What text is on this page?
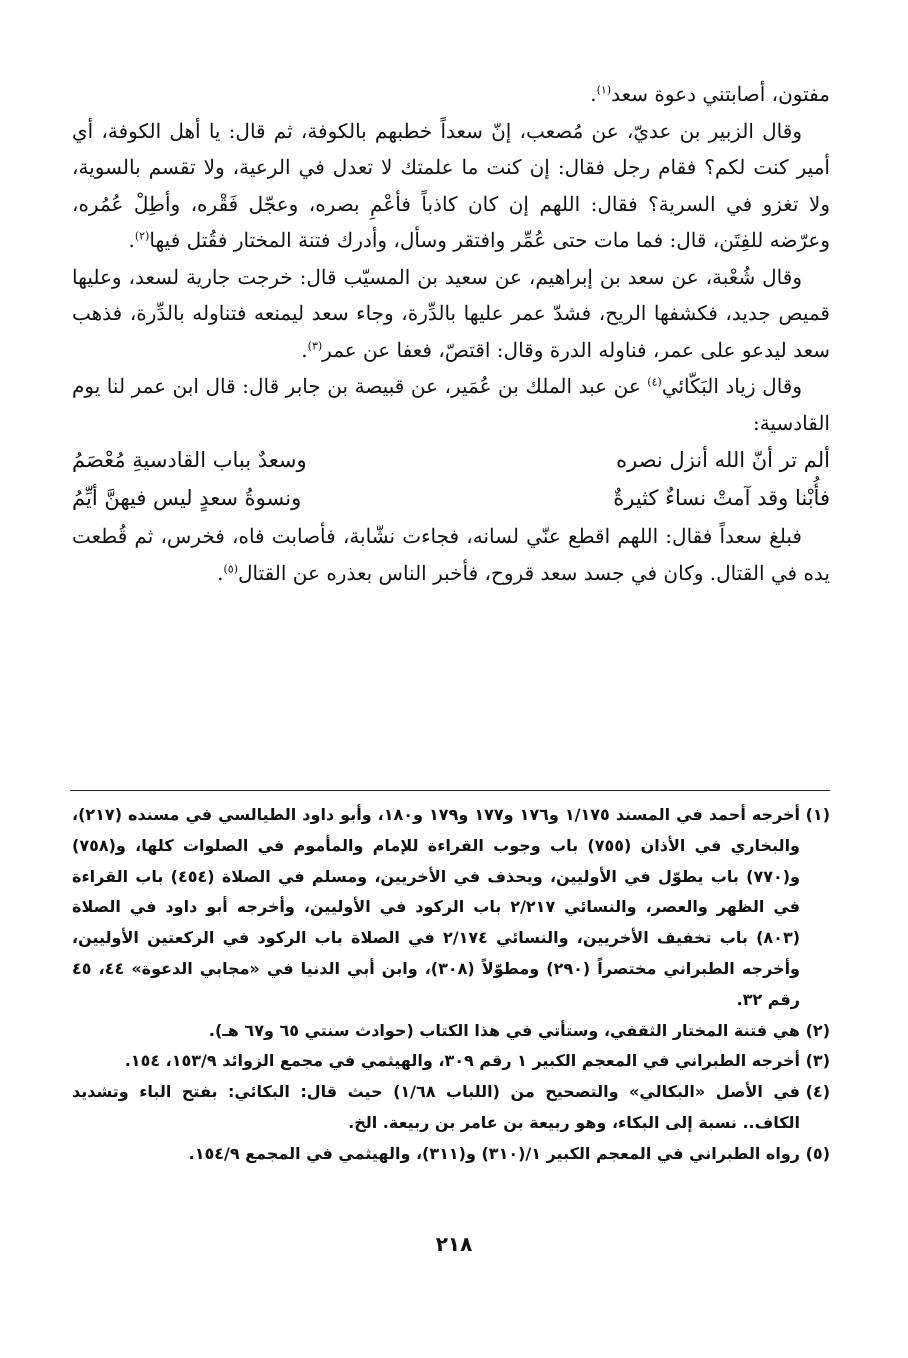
مفتون، أصابتني دعوة سعد$^{(١)}$.

وقال الزبير بن عديّ، عن مُصعب، إنّ سعداً خطبهم بالكوفة، ثم قال: يا أهل الكوفة، أي أمير كنت لكم؟ فقام رجل فقال: إن كنت ما علمتك لا تعدل في الرعية، ولا تقسم بالسوية، ولا تغزو في السرية؟ فقال: اللهم إن كان كاذباً فأعْمِ بصره، وعجّل فَقْره، وأطِلْ عُمُره، وعرّضه للفِتَن، قال: فما مات حتى عُمِّر وافتقر وسأل، وأدرك فتنة المختار فقُتل فيها$^{(٢)}$.

وقال شُعْبة، عن سعد بن إبراهيم، عن سعيد بن المسيّب قال: خرجت جارية لسعد، وعليها قميص جديد، فكشفها الريح، فشدّ عمر عليها بالدِّرة، وجاء سعد ليمنعه فتناوله بالدِّرة، فذهب سعد ليدعو على عمر، فناوله الدرة وقال: اقتصّ، فعفا عن عمر$^{(٣)}$.

وقال زياد البَكّائي$^{(٤)}$ عن عبد الملك بن عُمَير، عن قبيصة بن جابر قال: قال ابن عمر لنا يوم القادسية:

ألم تر أنّ الله أنزل نصره
وسعدٌ بباب القادسيةِ مُعْصَمُ
فأُبْنا وقد آمتْ نساءٌ كثيرةٌ
ونسوةُ سعدٍ ليس فيهنَّ أيِّمُ

فبلغ سعداً فقال: اللهم اقطع عنّي لسانه، فجاءت نشّابة، فأصابت فاه، فخرس، ثم قُطعت يده في القتال. وكان في جسد سعد قروح، فأخبر الناس بعذره عن القتال$^{(٥)}$.

(١)
أخرجه أحمد في المسند ١/١٧٥ و١٧٦ و١٧٧ و١٧٩ و١٨٠، وأبو داود الطيالسي في مسنده (٢١٧)، والبخاري في الأذان (٧٥٥) باب وجوب القراءة للإمام والمأموم في الصلوات كلها، و(٧٥٨) و(٧٧٠) باب يطوّل في الأوليين، ويحذف في الأخريين، ومسلم في الصلاة (٤٥٤) باب القراءة في الظهر والعصر، والنسائي ٢/٢١٧ باب الركود في الأوليين، وأخرجه أبو داود في الصلاة (٨٠٣) باب تخفيف الأخريين، والنسائي ٢/١٧٤ في الصلاة باب الركود في الركعتين الأوليين، وأخرجه الطبراني مختصراً (٢٩٠) ومطوّلاً (٣٠٨)، وابن أبي الدنيا في «مجابي الدعوة» ٤٤، ٤٥ رقم ٣٢.
(٢)
هي فتنة المختار الثقفي، وستأتي في هذا الكتاب (حوادث سنتي ٦٥ و٦٧ هـ).
(٣)
أخرجه الطبراني في المعجم الكبير ١ رقم ٣٠٩، والهيثمي في مجمع الزوائد ١٥٣/٩، ١٥٤.
(٤)
في الأصل «البكالي» والتصحيح من (اللباب ١/٦٨) حيث قال: البكائي: بفتح الباء وتشديد الكاف.. نسبة إلى البكاء، وهو ربيعة بن عامر بن ربيعة. الخ.
(٥)
رواه الطبراني في المعجم الكبير ١/(٣١٠) و(٣١١)، والهيثمي في المجمع ١٥٤/٩.
٢١٨
